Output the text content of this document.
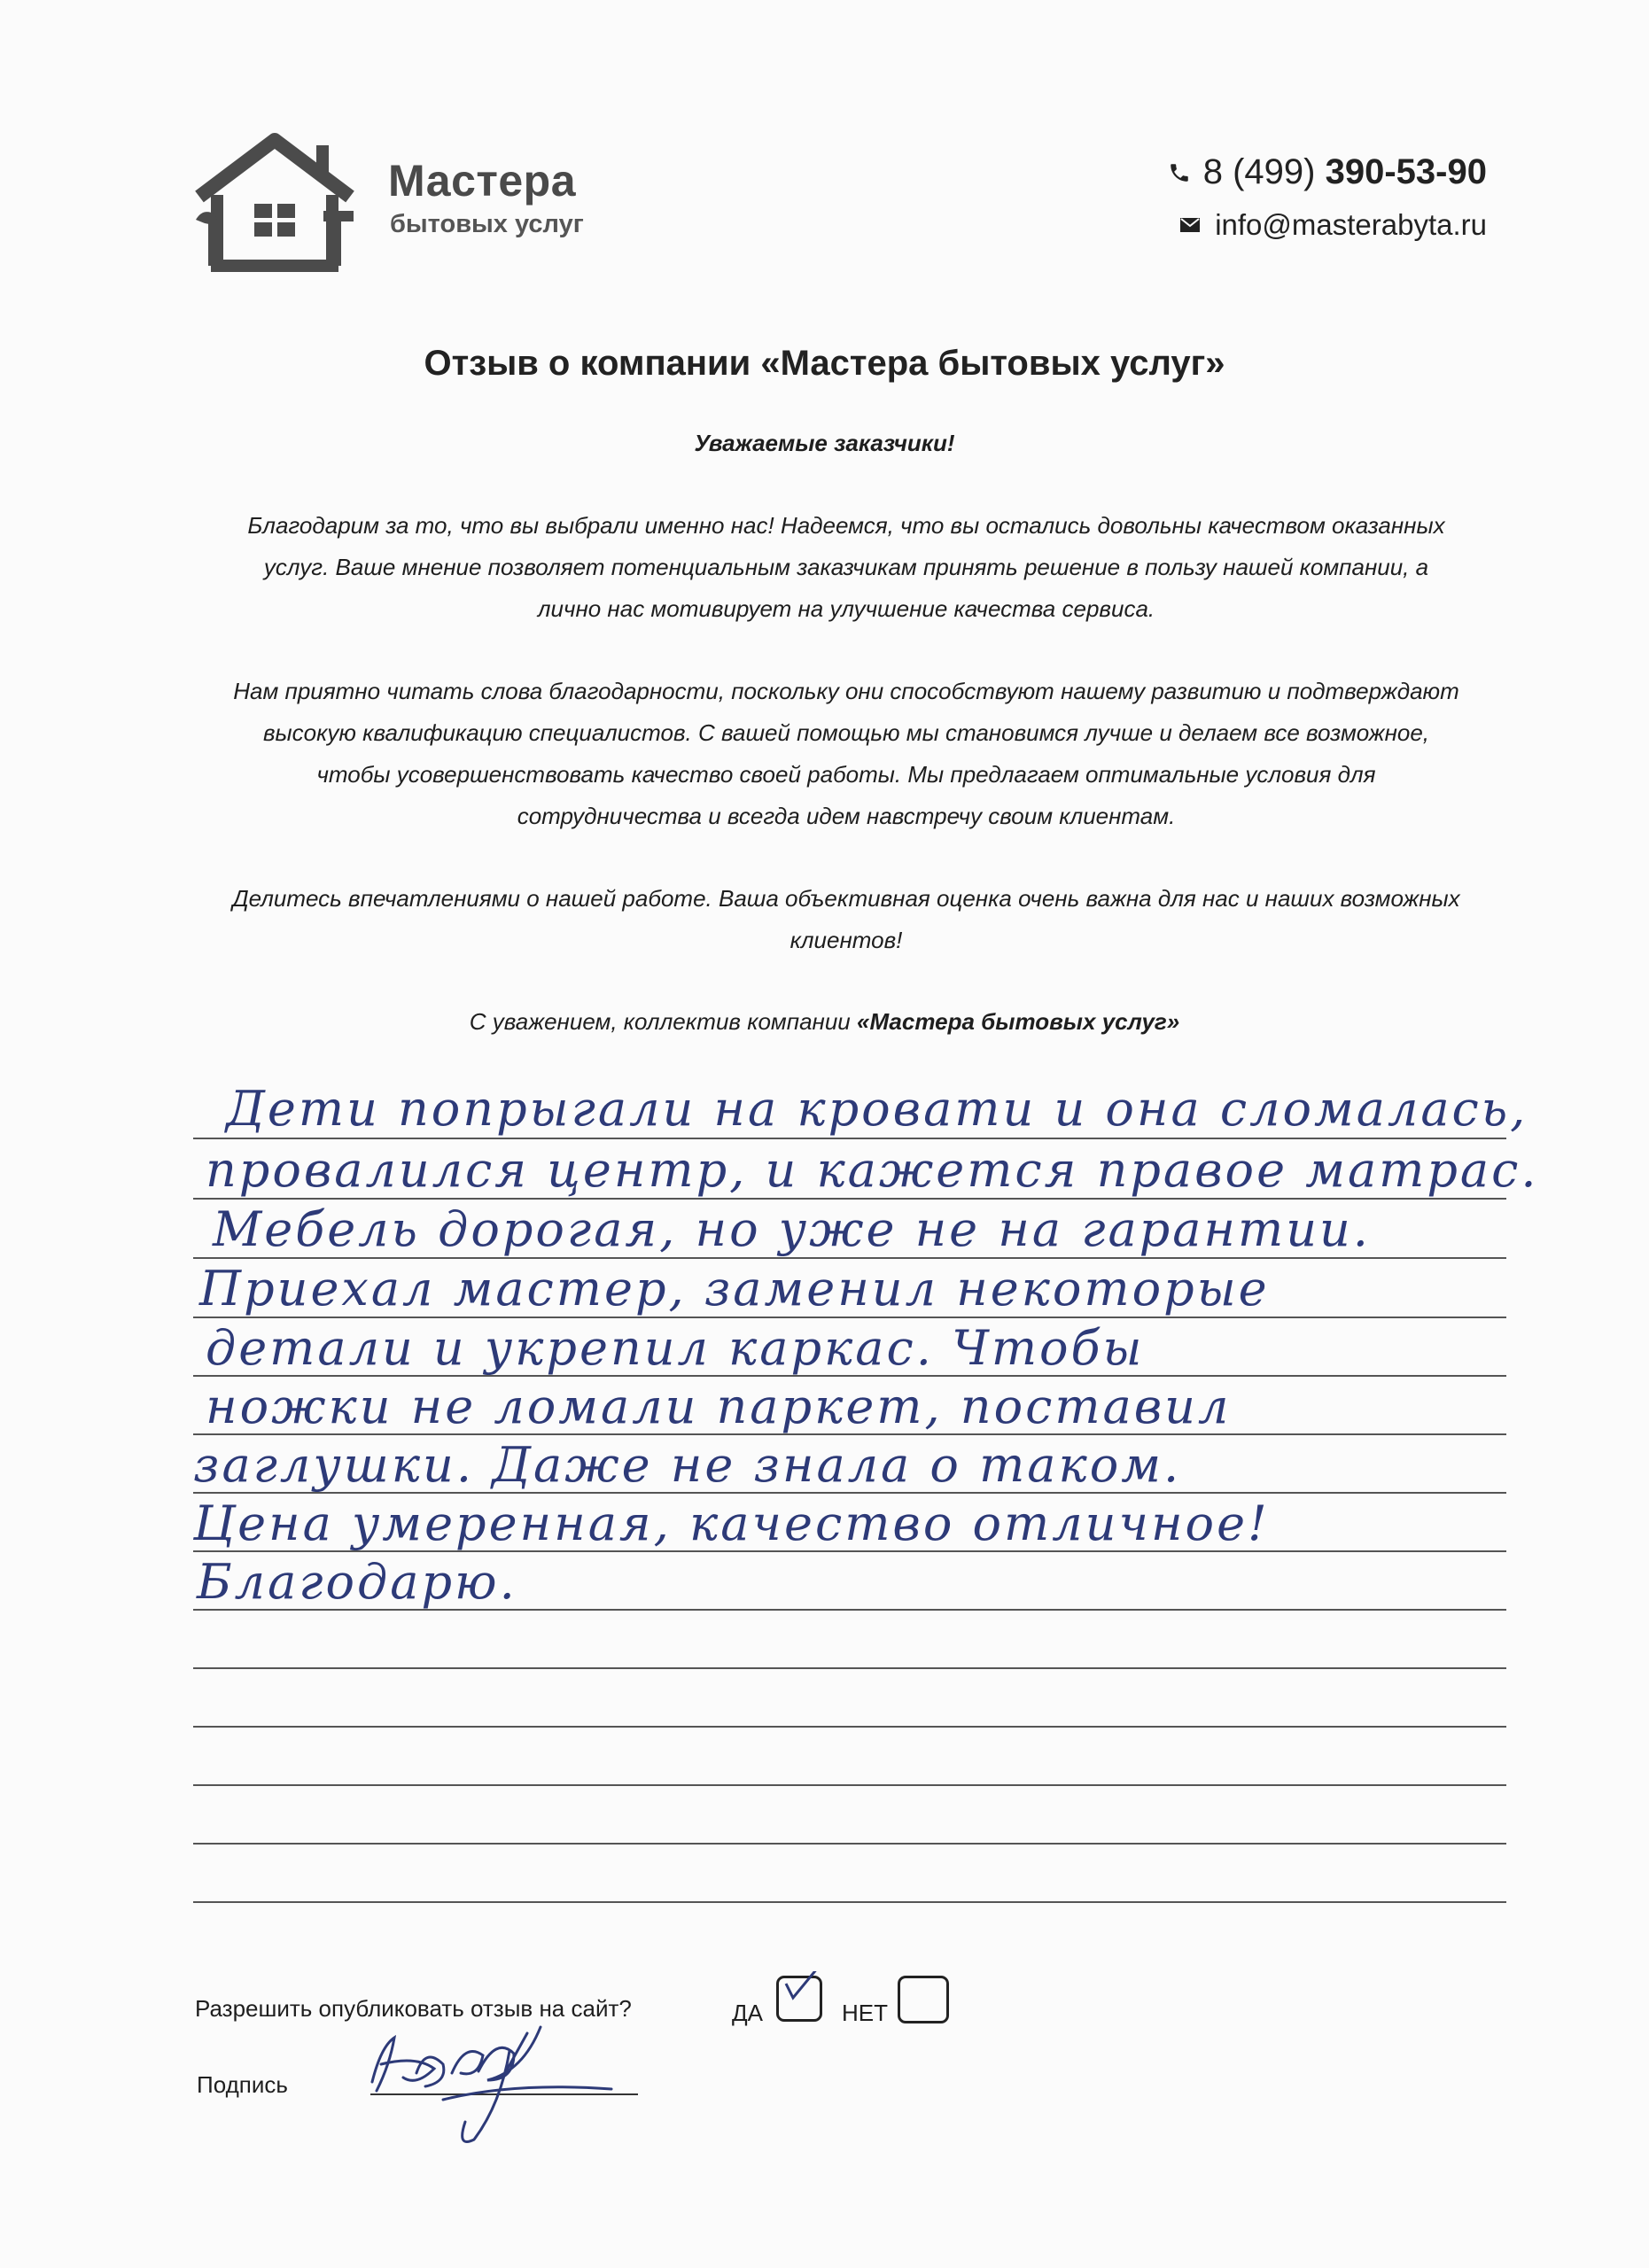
Мастера
бытовых услуг
8 (499) 390-53-90
info@masterabyta.ru
Отзыв о компании «Мастера бытовых услуг»
Уважаемые заказчики!
Благодарим за то, что вы выбрали именно нас! Надеемся, что вы остались довольны качеством оказанных
услуг. Ваше мнение позволяет потенциальным заказчикам принять решение в пользу нашей компании, а
лично нас мотивирует на улучшение качества сервиса.
Нам приятно читать слова благодарности, поскольку они способствуют нашему развитию и подтверждают
высокую квалификацию специалистов. С вашей помощью мы становимся лучше и делаем все возможное,
чтобы усовершенствовать качество своей работы. Мы предлагаем оптимальные условия для
сотрудничества и всегда идем навстречу своим клиентам.
Делитесь впечатлениями о нашей работе. Ваша объективная оценка очень важна для нас и наших возможных
клиентов!
С уважением, коллектив компании «Мастера бытовых услуг»
Дети попрыгали на кровати и она сломалась,
провалился центр, и кажется правое матрас.
Мебель дорогая, но уже не на гарантии.
Приехал мастер, заменил некоторые
детали и укрепил каркас. Чтобы
ножки не ломали паркет, поставил
заглушки. Даже не знала о таком.
Цена умеренная, качество отличное!
Благодарю.
Разрешить опубликовать отзыв на сайт?	ДА	НЕТ
Подпись
